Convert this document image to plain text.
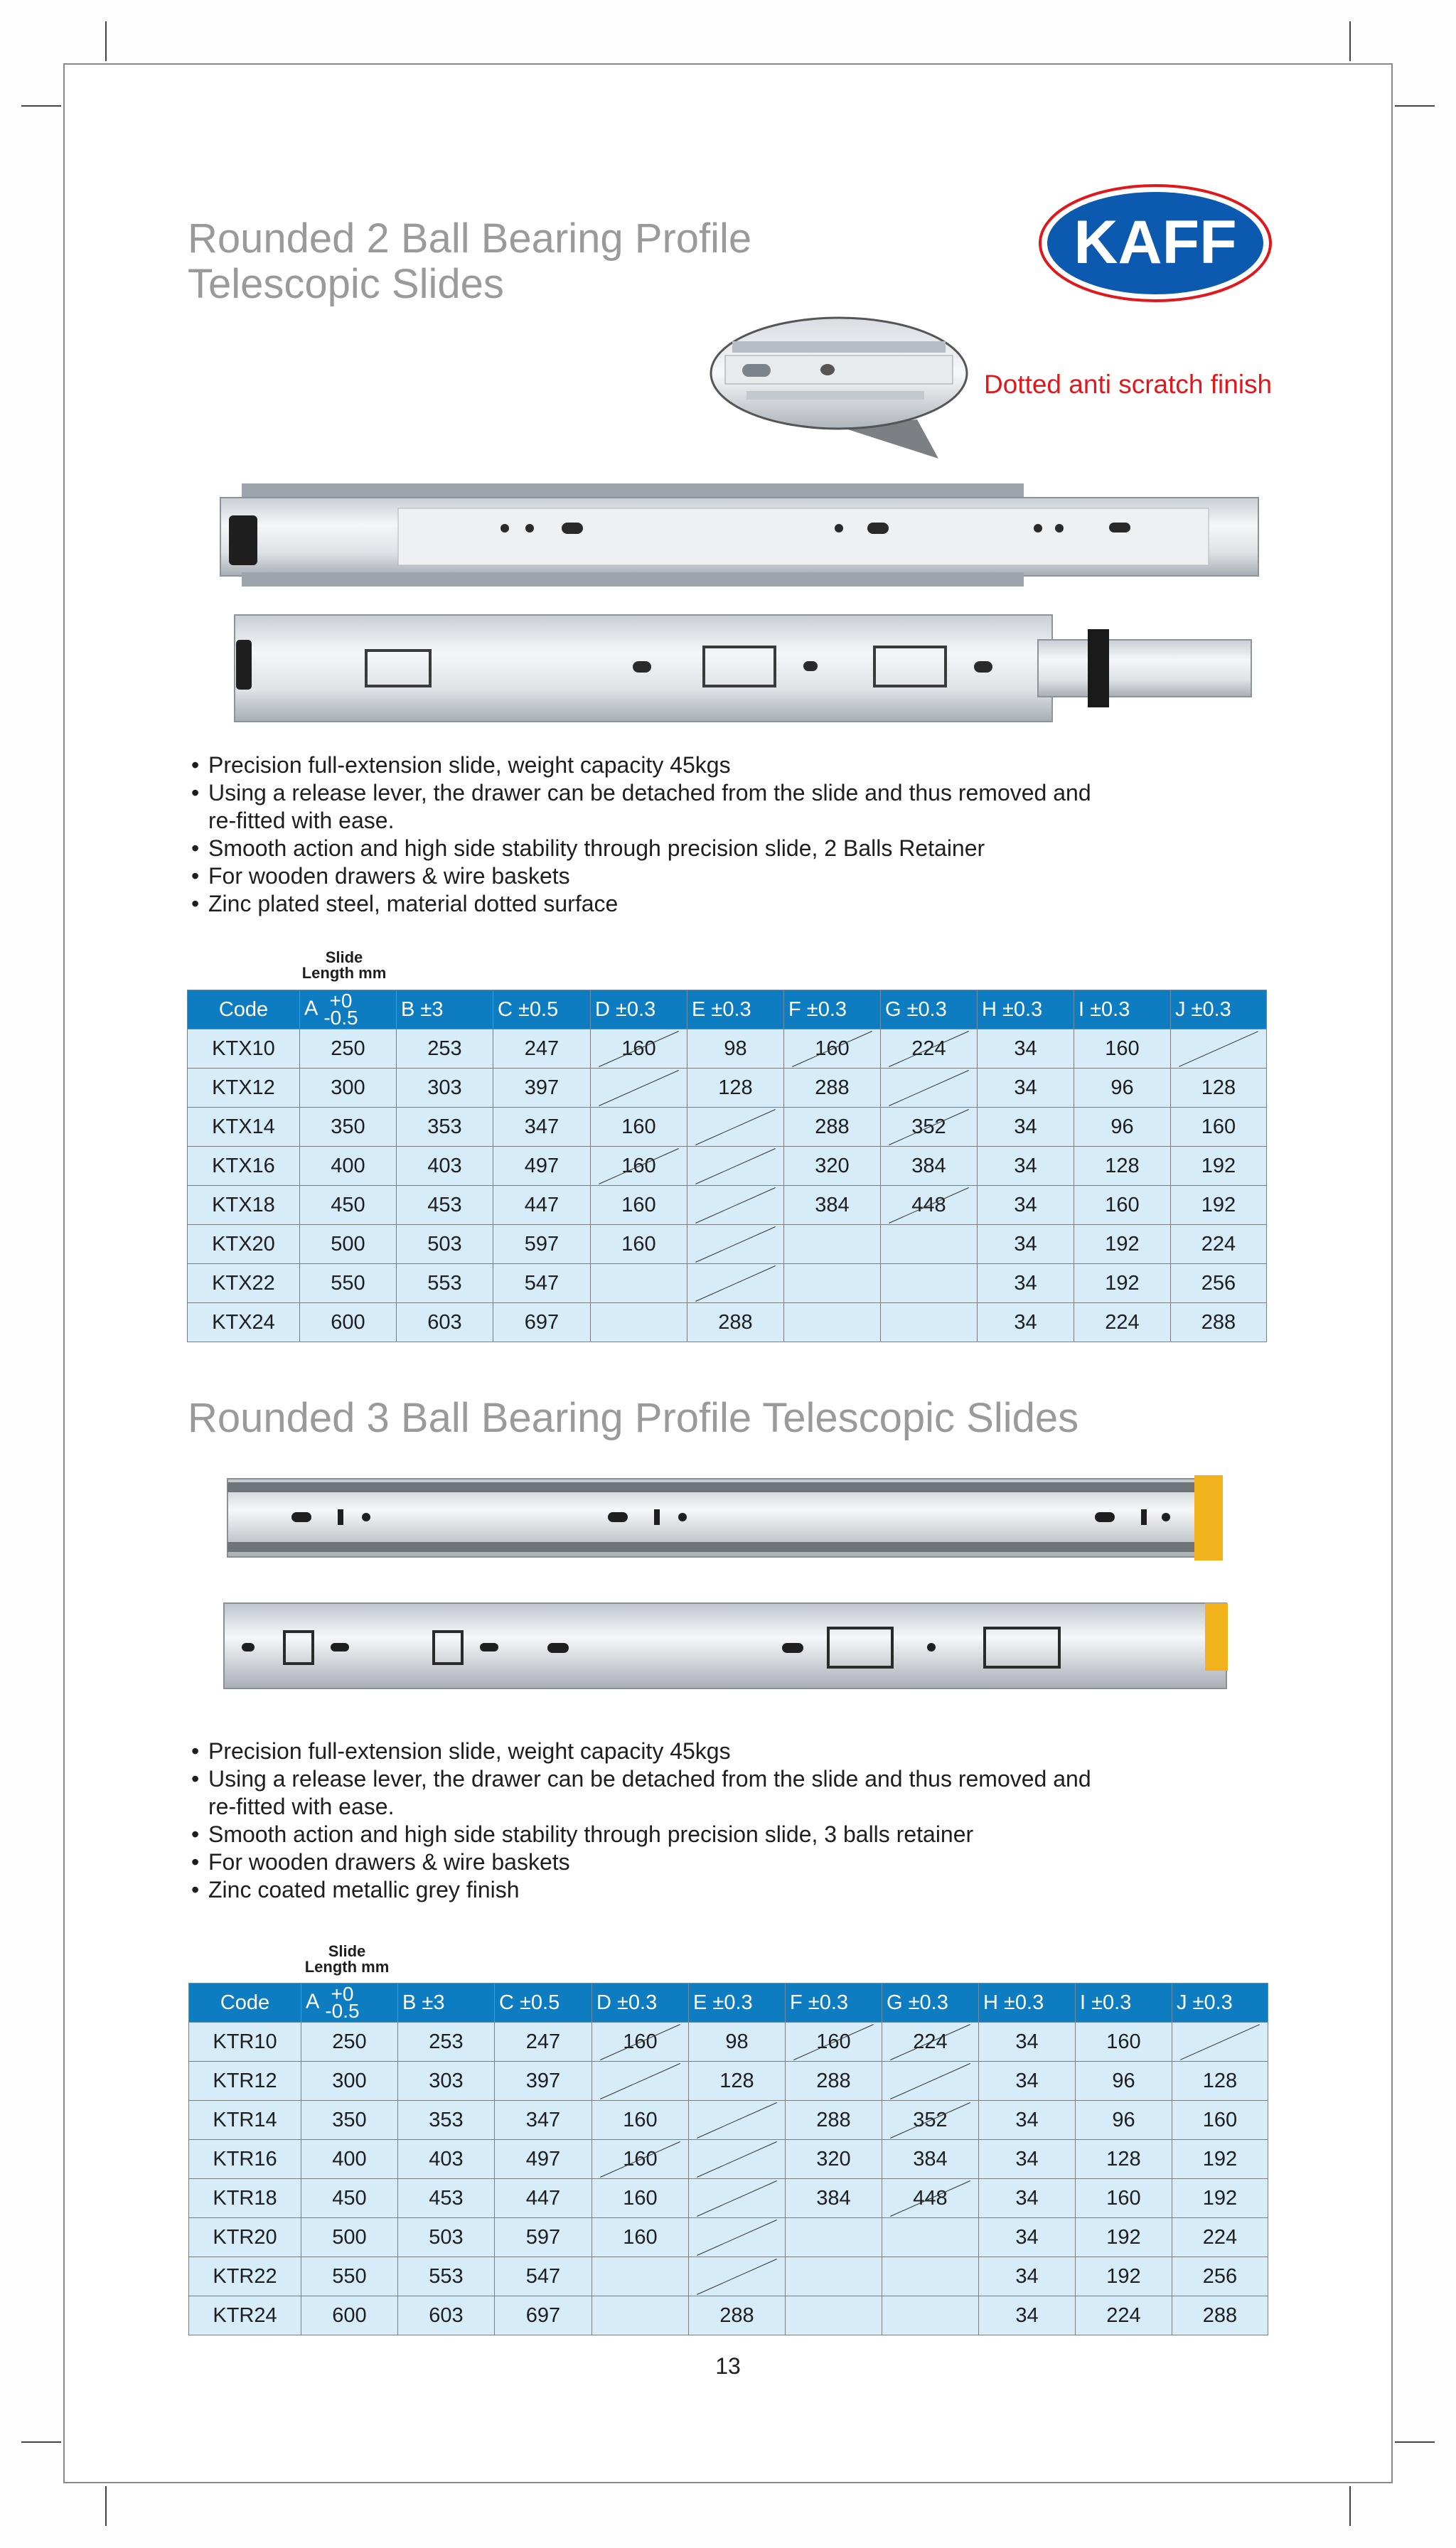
Rounded 2 Ball Bearing Profile
Telescopic Slides
KAFF
Dotted anti scratch finish
• Precision full-extension slide, weight capacity 45kgs
• Using a release lever, the drawer can be detached from the slide and thus removed and
re-fitted with ease.
• Smooth action and high side stability through precision slide, 2 Balls Retainer
• For wooden drawers & wire baskets
• Zinc plated steel, material dotted surface
Slide
Length mm
Code	A +0
-0.5	B ±3	C ±0.5	D ±0.3	E ±0.3	F ±0.3	G ±0.3	H ±0.3	I ±0.3	J ±0.3
KTX10	250	253	247	160	98	160	224	34	160	
KTX12	300	303	397		128	288		34	96	128
KTX14	350	353	347	160		288	352	34	96	160
KTX16	400	403	497	160		320	384	34	128	192
KTX18	450	453	447	160		384	448	34	160	192
KTX20	500	503	597	160				34	192	224
KTX22	550	553	547					34	192	256
KTX24	600	603	697		288			34	224	288
Rounded 3 Ball Bearing Profile Telescopic Slides
• Precision full-extension slide, weight capacity 45kgs
• Using a release lever, the drawer can be detached from the slide and thus removed and
re-fitted with ease.
• Smooth action and high side stability through precision slide, 3 balls retainer
• For wooden drawers & wire baskets
• Zinc coated metallic grey finish
Slide
Length mm
Code	A +0
-0.5	B ±3	C ±0.5	D ±0.3	E ±0.3	F ±0.3	G ±0.3	H ±0.3	I ±0.3	J ±0.3
KTR10	250	253	247	160	98	160	224	34	160	
KTR12	300	303	397		128	288		34	96	128
KTR14	350	353	347	160		288	352	34	96	160
KTR16	400	403	497	160		320	384	34	128	192
KTR18	450	453	447	160		384	448	34	160	192
KTR20	500	503	597	160				34	192	224
KTR22	550	553	547					34	192	256
KTR24	600	603	697		288			34	224	288
13
